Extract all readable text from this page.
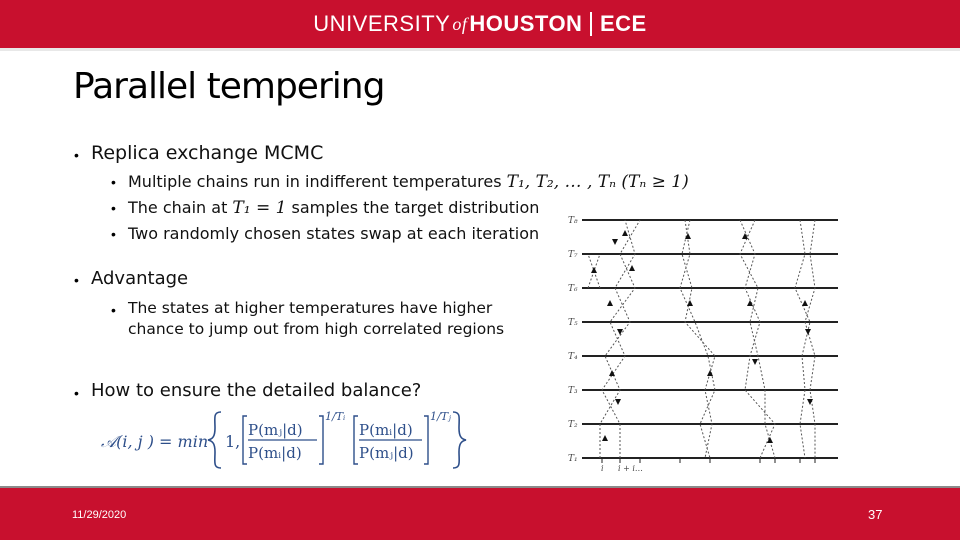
UNIVERSITY of HOUSTON ECE
Parallel tempering
• Replica exchange MCMC
• Multiple chains run in indifferent temperatures T₁, T₂, … , Tₙ (Tₙ ≥ 1)
• The chain at T₁ = 1 samples the target distribution
• Two randomly chosen states swap at each iteration
• Advantage
• The states at higher temperatures have higher
chance to jump out from high correlated regions
• How to ensure the detailed balance?
𝒜(i, j ) = min 1,
P(mⱼ|d)
P(mᵢ|d)
1/Tᵢ
P(mᵢ|d)
P(mⱼ|d)
1/Tⱼ
T₈
T₇
T₆
T₅
T₄
T₃
T₂
T₁
i i + i…
11/29/2020	37
